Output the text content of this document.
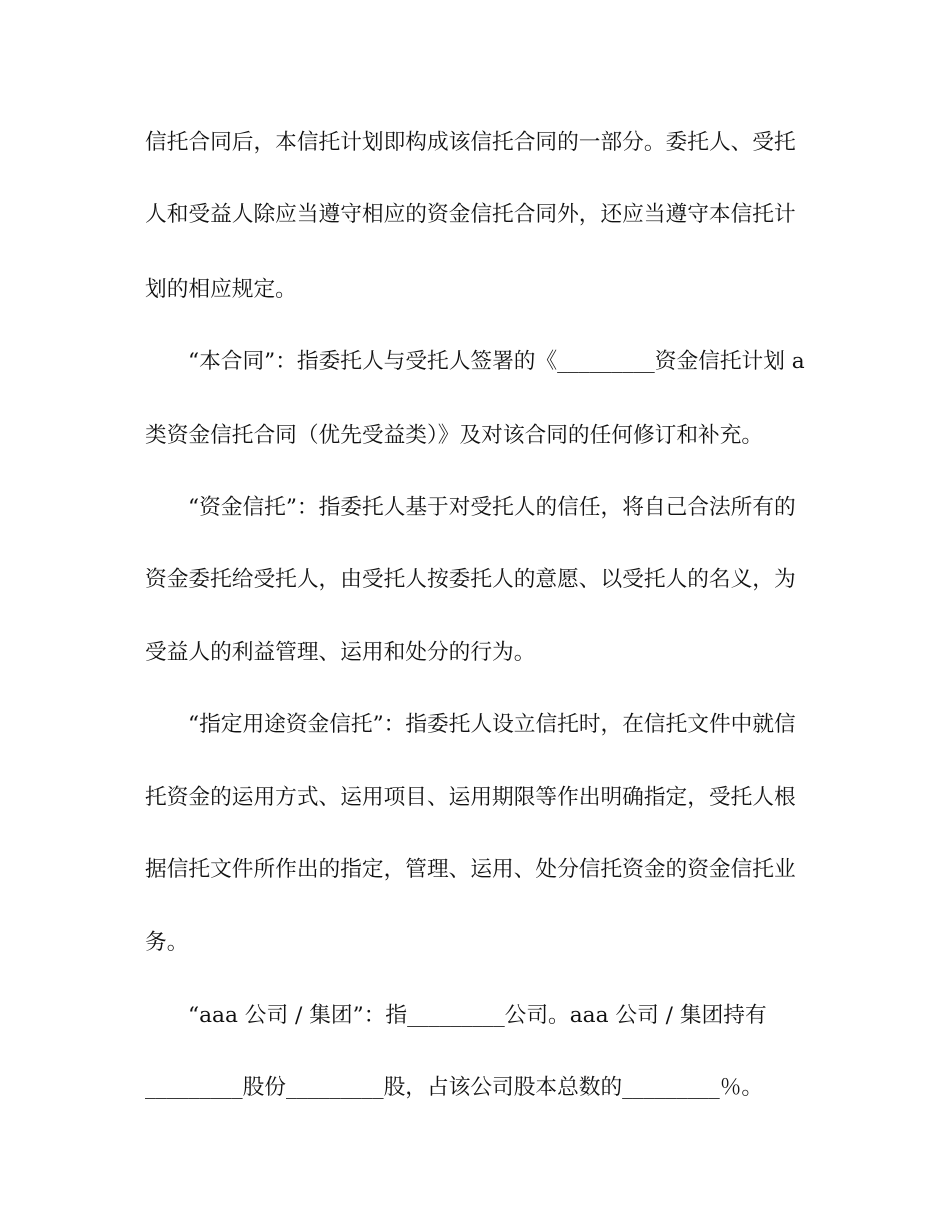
信托合同后，本信托计划即构成该信托合同的一部分。委托人、受托
人和受益人除应当遵守相应的资金信托合同外，还应当遵守本信托计
划的相应规定。
“本合同”：指委托人与受托人签署的《_________资金信托计划 a
类资金信托合同（优先受益类）》及对该合同的任何修订和补充。
“资金信托”：指委托人基于对受托人的信任，将自己合法所有的
资金委托给受托人，由受托人按委托人的意愿、以受托人的名义，为
受益人的利益管理、运用和处分的行为。
“指定用途资金信托”：指委托人设立信托时，在信托文件中就信
托资金的运用方式、运用项目、运用期限等作出明确指定，受托人根
据信托文件所作出的指定，管理、运用、处分信托资金的资金信托业
务。
“aaa 公司 / 集团”：指_________公司。aaa 公司 / 集团持有
_________股份_________股，占该公司股本总数的_________％。
